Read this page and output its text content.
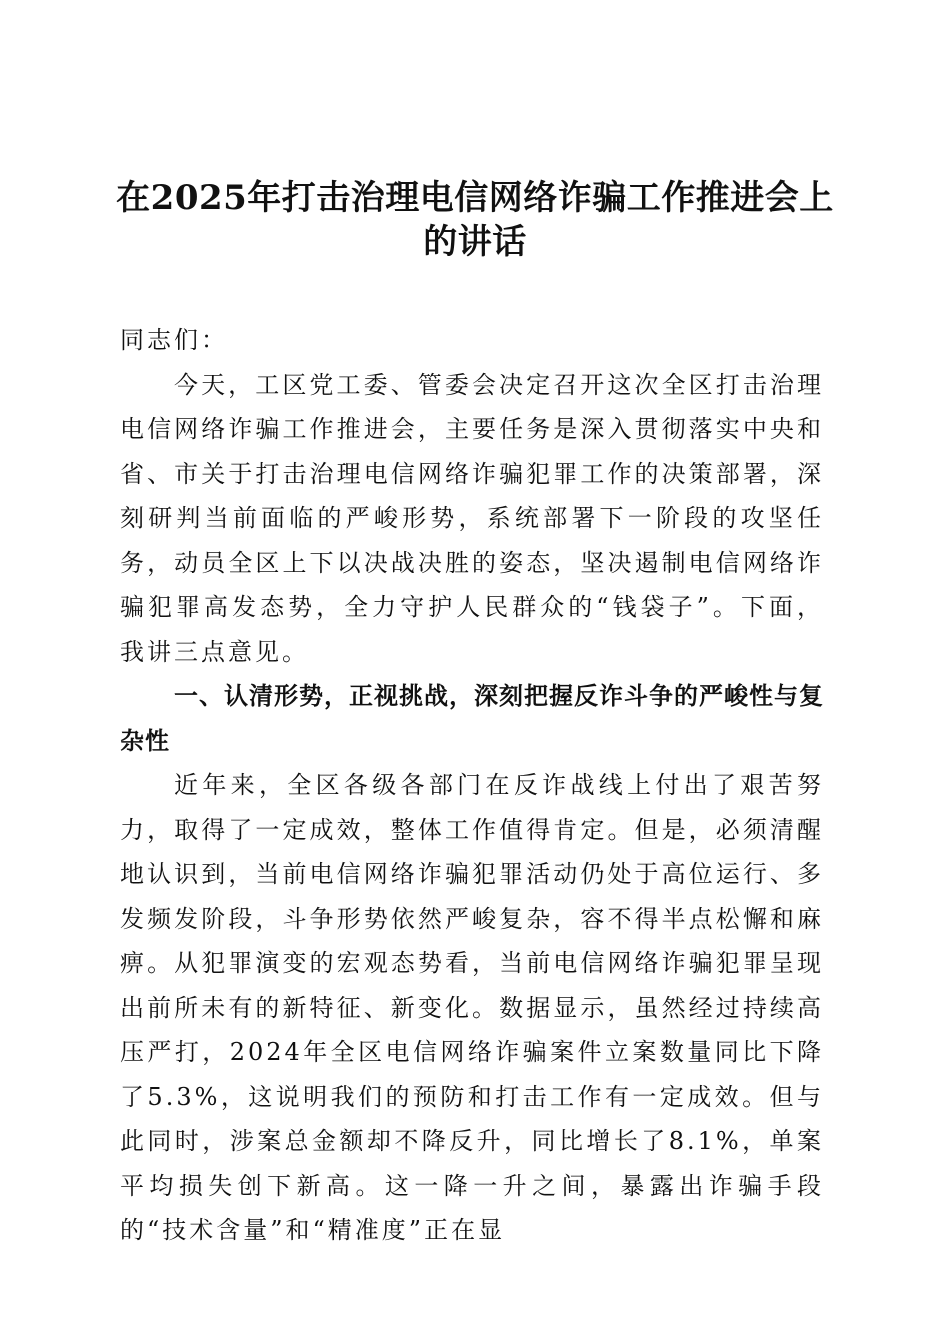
在2025年打击治理电信网络诈骗工作推进会上的讲话

同志们：

今天，工区党工委、管委会决定召开这次全区打击治理电信网络诈骗工作推进会，主要任务是深入贯彻落实中央和省、市关于打击治理电信网络诈骗犯罪工作的决策部署，深刻研判当前面临的严峻形势，系统部署下一阶段的攻坚任务，动员全区上下以决战决胜的姿态，坚决遏制电信网络诈骗犯罪高发态势，全力守护人民群众的“钱袋子”。下面，我讲三点意见。

一、认清形势，正视挑战，深刻把握反诈斗争的严峻性与复杂性

近年来，全区各级各部门在反诈战线上付出了艰苦努力，取得了一定成效，整体工作值得肯定。但是，必须清醒地认识到，当前电信网络诈骗犯罪活动仍处于高位运行、多发频发阶段，斗争形势依然严峻复杂，容不得半点松懈和麻痹。从犯罪演变的宏观态势看，当前电信网络诈骗犯罪呈现出前所未有的新特征、新变化。数据显示，虽然经过持续高压严打，2024年全区电信网络诈骗案件立案数量同比下降了5.3%，这说明我们的预防和打击工作有一定成效。但与此同时，涉案总金额却不降反升，同比增长了8.1%，单案平均损失创下新高。这一降一升之间，暴露出诈骗手段的“技术含量”和“精准度”正在显
